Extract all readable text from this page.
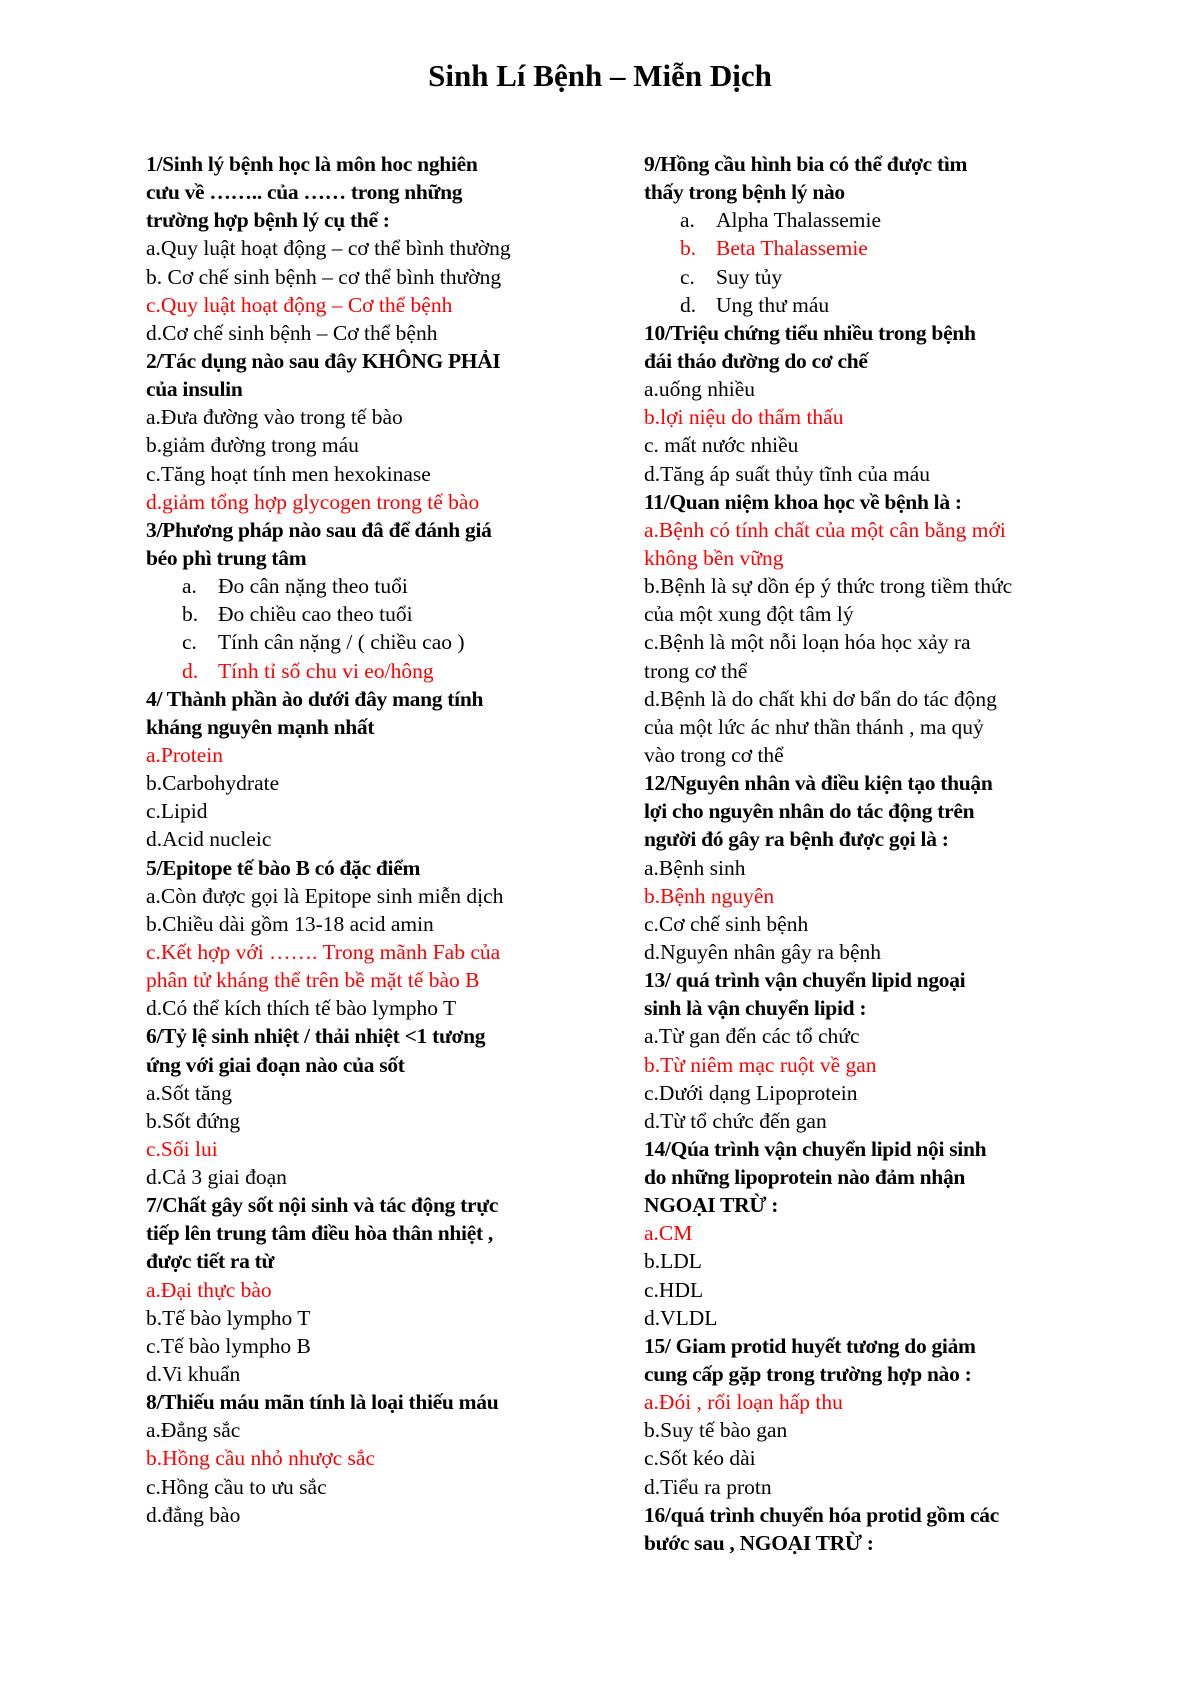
Sinh Lí Bệnh – Miễn Dịch
1/Sinh lý bệnh học là môn hoc nghiên
cưu về …….. của …… trong những
trường hợp bệnh lý cụ thể :
a.Quy luật hoạt động – cơ thể bình thường
b. Cơ chế sinh bệnh – cơ thể bình thường
c.Quy luật hoạt động – Cơ thể bệnh
d.Cơ chế sinh bệnh – Cơ thể bệnh
2/Tác dụng nào sau đây KHÔNG PHẢI
của insulin
a.Đưa đường vào trong tế bào
b.giảm đường trong máu
c.Tăng hoạt tính men hexokinase
d.giảm tổng hợp glycogen trong tế bào
3/Phương pháp nào sau đâ để đánh giá
béo phì trung tâm
a. Đo cân nặng theo tuổi
b. Đo chiều cao theo tuổi
c. Tính cân nặng / ( chiều cao )
d. Tính tỉ số chu vi eo/hông
4/ Thành phần ào dưới đây mang tính
kháng nguyên mạnh nhất
a.Protein
b.Carbohydrate
c.Lipid
d.Acid nucleic
5/Epitope tế bào B có đặc điểm
a.Còn được gọi là Epitope sinh miễn dịch
b.Chiều dài gồm 13-18 acid amin
c.Kết hợp với ……. Trong mãnh Fab của
phân tử kháng thể trên bề mặt tế bào B
d.Có thể kích thích tế bào lympho T
6/Tỷ lệ sinh nhiệt / thải nhiệt <1 tương
ứng với giai đoạn nào của sốt
a.Sốt tăng
b.Sốt đứng
c.Sối lui
d.Cả 3 giai đoạn
7/Chất gây sốt nội sinh và tác động trực
tiếp lên trung tâm điều hòa thân nhiệt ,
được tiết ra từ
a.Đại thực bào
b.Tế bào lympho T
c.Tế bào lympho B
d.Vi khuẩn
8/Thiếu máu mãn tính là loại thiếu máu
a.Đẳng sắc
b.Hồng cầu nhỏ nhược sắc
c.Hồng cầu to ưu sắc
d.đẳng bào
9/Hồng cầu hình bia có thể được tìm
thấy trong bệnh lý nào
a. Alpha Thalassemie
b. Beta Thalassemie
c. Suy tủy
d. Ung thư máu
10/Triệu chứng tiểu nhiều trong bệnh
đái tháo đường do cơ chế
a.uống nhiều
b.lợi niệu do thẩm thấu
c. mất nước nhiều
d.Tăng áp suất thủy tĩnh của máu
11/Quan niệm khoa học về bệnh là :
a.Bệnh có tính chất của một cân bằng mới
không bền vững
b.Bệnh là sự dồn ép ý thức trong tiềm thức
của một xung đột tâm lý
c.Bệnh là một nỗi loạn hóa học xảy ra
trong cơ thể
d.Bệnh là do chất khi dơ bẩn do tác động
của một lức ác như thần thánh , ma quỷ
vào trong cơ thể
12/Nguyên nhân và điều kiện tạo thuận
lợi cho nguyên nhân do tác động trên
người đó gây ra bệnh được gọi là :
a.Bệnh sinh
b.Bệnh nguyên
c.Cơ chế sinh bệnh
d.Nguyên nhân gây ra bệnh
13/ quá trình vận chuyển lipid ngoại
sinh là vận chuyển lipid :
a.Từ gan đến các tổ chức
b.Từ niêm mạc ruột về gan
c.Dưới dạng Lipoprotein
d.Từ tổ chức đến gan
14/Qúa trình vận chuyển lipid nội sinh
do những lipoprotein nào đảm nhận
NGOẠI TRỪ :
a.CM
b.LDL
c.HDL
d.VLDL
15/ Giam protid huyết tương do giảm
cung cấp gặp trong trường hợp nào :
a.Đói , rối loạn hấp thu
b.Suy tế bào gan
c.Sốt kéo dài
d.Tiểu ra protn
16/quá trình chuyển hóa protid gồm các
bước sau , NGOẠI TRỪ :
